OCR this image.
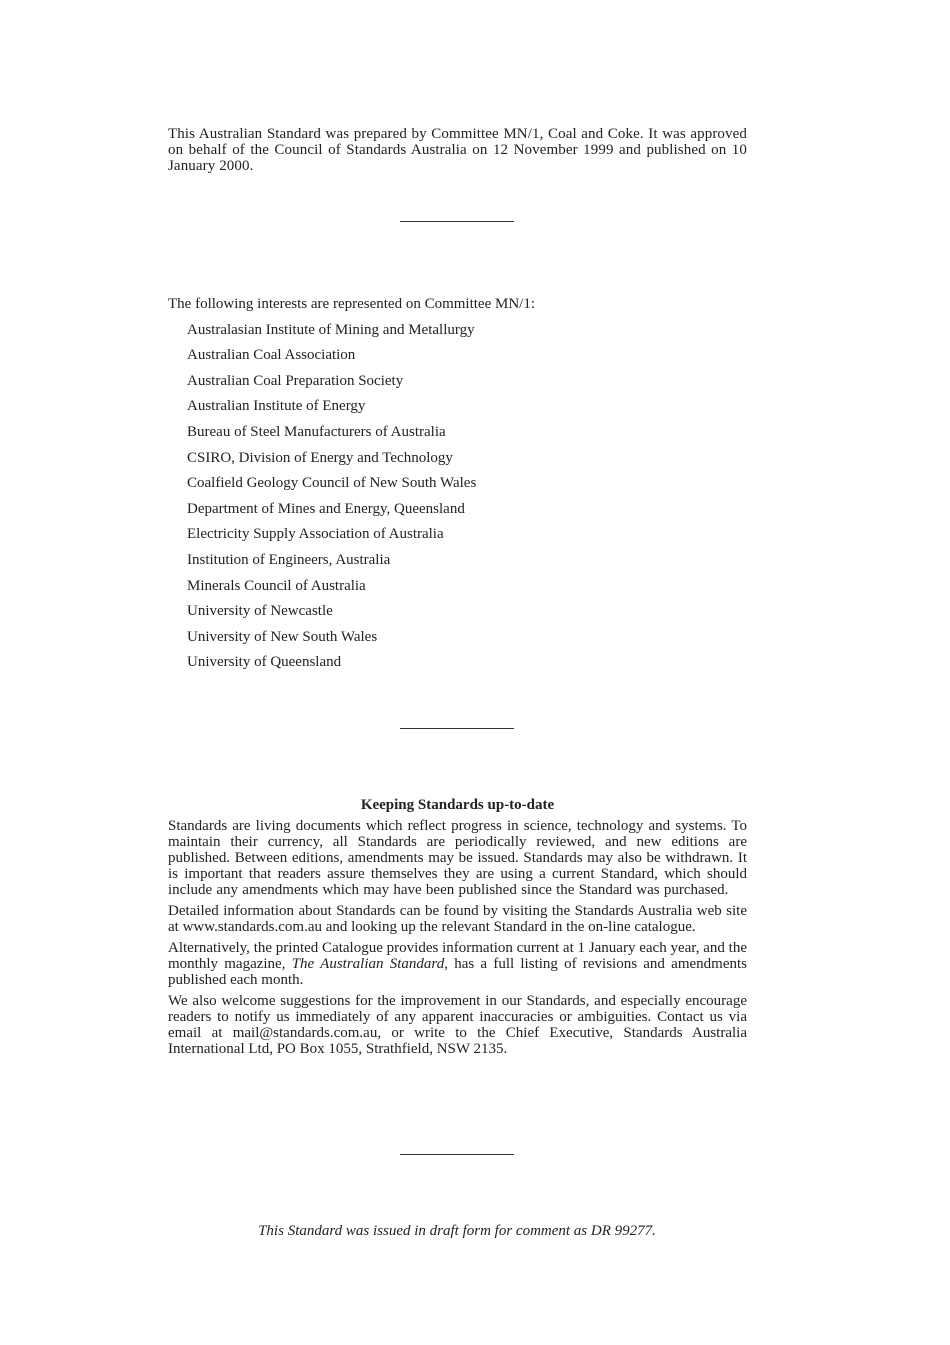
This Australian Standard was prepared by Committee MN/1, Coal and Coke. It was approved on behalf of the Council of Standards Australia on 12 November 1999 and published on 10 January 2000.

The following interests are represented on Committee MN/1:

Australasian Institute of Mining and Metallurgy
Australian Coal Association
Australian Coal Preparation Society
Australian Institute of Energy
Bureau of Steel Manufacturers of Australia
CSIRO, Division of Energy and Technology
Coalfield Geology Council of New South Wales
Department of Mines and Energy, Queensland
Electricity Supply Association of Australia
Institution of Engineers, Australia
Minerals Council of Australia
University of Newcastle
University of New South Wales
University of Queensland
Keeping Standards up-to-date

Standards are living documents which reflect progress in science, technology and systems. To maintain their currency, all Standards are periodically reviewed, and new editions are published. Between editions, amendments may be issued. Standards may also be withdrawn. It is important that readers assure themselves they are using a current Standard, which should include any amendments which may have been published since the Standard was purchased.

Detailed information about Standards can be found by visiting the Standards Australia web site at www.standards.com.au and looking up the relevant Standard in the on-line catalogue.

Alternatively, the printed Catalogue provides information current at 1 January each year, and the monthly magazine, The Australian Standard, has a full listing of revisions and amendments published each month.

We also welcome suggestions for the improvement in our Standards, and especially encourage readers to notify us immediately of any apparent inaccuracies or ambiguities. Contact us via email at mail@standards.com.au, or write to the Chief Executive, Standards Australia International Ltd, PO Box 1055, Strathfield, NSW 2135.

This Standard was issued in draft form for comment as DR 99277.
